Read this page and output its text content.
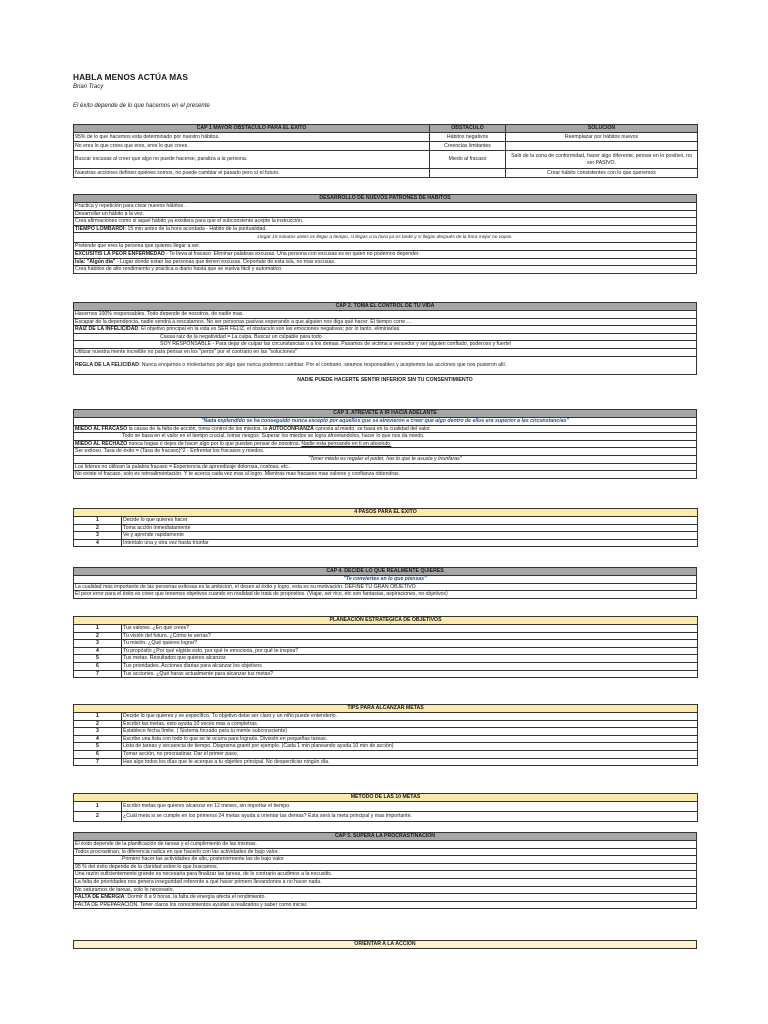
HABLA MENOS ACTÚA MAS
Brian Tracy
El éxito depende de lo que hacemos en el presente
CAP 1 MAYOR OBSTACULO PARA EL ÉXITO	OBSTACULO	SOLUCIÓN
95% de lo que hacemos esta determinado por nuestro hábitos.	Hábitos negativos	Reemplazar por hábitos nuevos
No eres lo que crees que eres, eres lo que crees.	Creencias limitantes	
Buscar excusas al creer que algo no puede hacerse, paraliza a la persona.	Miedo al fracaso	Salir de la zona de conformidad, hacer algo diferente, pensar en lo positivo, no ser PASIVO.
Nuestras acciones definen quiénes somos, no puede cambiar el pasado pero sí el futuro.		Crear hábito consistentes con lo que queremos
DESARROLLO DE NUEVOS PATRONES DE HÁBITOS
Practica y repetición para crear nuevos hábitos .
Desarrollar un hábito a la vez.
Crea afirmaciones como si aquel hábito ya existiera para que el subconsiente acepte la instrucción.
TIEMPO LOMBARDI: 15 min antes de la hora acordada - Hábito de la puntualidad.
Llegar 15 minutos antes es llegar a tiempo, si llegas a la hora ya es tarde y si llegas después de la hora mejor no vayas.
Pretende que eres la persona que quieres llegar a ser.
EXCUSITIS LA PEOR ENFERMEDAD - Te lleva al fracaso. Eliminar palabras excusas. Una persona con excusas es en quien no podemos depender.
Isla: "Algún día" - Lugar donde estan las personas que tienen excusas. Deportate de esta isla, no mas excusas.
Crea hábitos de alto rendimiento y práctica a diario hasta que se vuelva fácil y automatico.
CAP 2. TOMA EL CONTROL DE TU VIDA
Hacernos 100% responsables. Todo depende de nosotros, de nadie mas.
Escapar de la dependencia, nadie vendrá a rescatarnos. No ser personas pasivas esperando a que alguien nos diga qué hacer. El tiempo corre….
RAIZ DE LA INFELICIDAD: El objetivo principal en la vida es SER FELIZ, el obstaculo son las emociones negativas; por lo tanto, eliminarlas.
Causa raíz de la negatividad = La culpa. Buscar un culpable para todo
SOY RESPONSABLE - Para dejar de culpar las circunstancias o a los demas. Pasamos de victima a vencedor y ser alguien confiado, poderoso y fuerte!
Utilizar nuestra mente increible no para pensar en los "peros" por el contrario en las "soluciones"
REGLA DE LA FELICIDAD: Nunca enojarnos o molestarnos por algo que nunca podemos cambiar. Por el contrario, seamos responsables y aceptemos las acciones que nos pusieron allí.
NADIE PUEDE HACERTE SENTIR INFERIOR SIN TU CONSENTIMIENTO
CAP 3. ATREVETE A IR HACIA ADELANTE
"Nada esplendido se ha conseguido nunca excepto por aquellos que se atrevieron a creer que algo dentro de ellos era superior a las circunstancias"
MIEDO AL FRACASO la causa de la falta de acción, toma control de los miedos, la AUTOCONFIANZA cancela al miedo, se basa en la cualidad del valor.
Todo se basa en el valor en el tiempo crucial, tomar riesgos. Superar los miedos se logra afrontandolos, hacer lo que nos da miedo.
MIEDO AL RECHAZO nunca hagas o dejes de hacer algo por lo que puedan pensar de nosotros. Nadie esta pensando en ti en absoluto.
Ser exitoso. Tasa de éxito = (Tasa de fracaso)^2 - Enfrentar los fracasos y miedos.
"Tener miedo es regalar el poder, has lo que te asusta y triunfaras"
Los lideres no utilizan la palabra fracaso = Experiencia de aprendizaje dolorosa, costosa, etc..
No existe el fracaso, solo es retroalimentación. Y te acerca cada vez mas al logro. Mientras mas fracases mas valores y confianza obtendras.
4 PASOS PARA EL ÉXITO	
1	Decide lo que quieres hacer
2	Toma acción inmediatamente
3	Ve y aprende rapidamente
4	Intentalo una y otra vez hasta triunfar
CAP 4. DECIDE LO QUE REALMENTE QUIERES
"Te conviertes en lo que piensas"
La cualidad mas importante de las personas exitosas es la ambicion, el deseo al éxito y logro, esta es su motivación. DEFINE TU GRAN OBJETIVO
El peor error para el éxito es creer que tenemos objetivos cuando en realidad de trata de propositos. (Viajar, ser rico, etc son fantasias, aspiraciones, no objetivos)
PLANEACIÓN ESTRATEGICA DE OBJETIVOS	
1	Tus valores. ¿En qué crees?
2	Tu visión del futuro. ¿Cómo te verías?
3	Tu misión. ¿Qué quieres lograr?
4	Tu propósito ¿Por qué elgiste esto, por qué te emociona, por qué te inspira?
5	Tus metas. Resultados que quieres alcanzar.
6	Tus prioridades. Acciones diarias para alcanzar los objetivos
7	Tus acciones. ¿Qué haras actualmente para alcanzar tus metas?
TIPS PARA ALCANZAR METAS	
1	Decide lo que quieres y se específico. Tu objetivo debe ser claro y un niño puede entenderlo.
2	Escribir las metas, esto ayuda 10 veces mas a completras.
3	Establece fecha límite. ( Sistema forzado para tu mente subconsciente)
4	Escribe una lista con todo lo que se te ocurra para lograrlo. División en pequeñas tareas.
5	Lista de tareas y secuencia de tiempo. Diagrama grantt por ejemplo. (Cada 1 min planeando ayuda 10 min de acción)
6	Tomar acción, no procrastinar. Dar el primer paso.
7	Has algo todos los días que te acerque a tu objetivo principal. No desperdiciar ningún día.
MÉTODO DE LAS 10 METAS	
1	Escribir metas que quieres alcanzar en 12 meses, sin importar el tiempo.
2	¿Cuál meta si se cumple en los primeros 24 metas ayuda a orientar las demas? Esta será la meta principal y mas importante.
CAP 5. SUPERA LA PROCRASTINACIÓN
El éxito depende de la planificación de tareas y el cumplimiento de las mismas.
Todos procrastinan, la diferencia radica en que hacerlo con las actividades de bajo valor.
Primero hacer las actividades de alto, posteriormente las de bajo valor
95 % del éxito depende de la claridad sobre lo que buscamos.
Una razón suficientemente grande es necesaria para finalizar las tareas, de lo contrario acudimos a la excusitis.
La falta de prioridades nos genera inseguridad referente a qué hacer primero llevandonos a no hacer nada.
No saturarnos de tareas, solo lo necesario.
FALTA DE ENERGÍA: Dormir 8 a 9 horas, la falta de energía afecta el rendimiento.
FALTA DE PREPARACIÓN. Tener claros los conocimientos ayudan a realizarlos y saber como iniciar.
ORIENTAR A LA ACCIÓN
